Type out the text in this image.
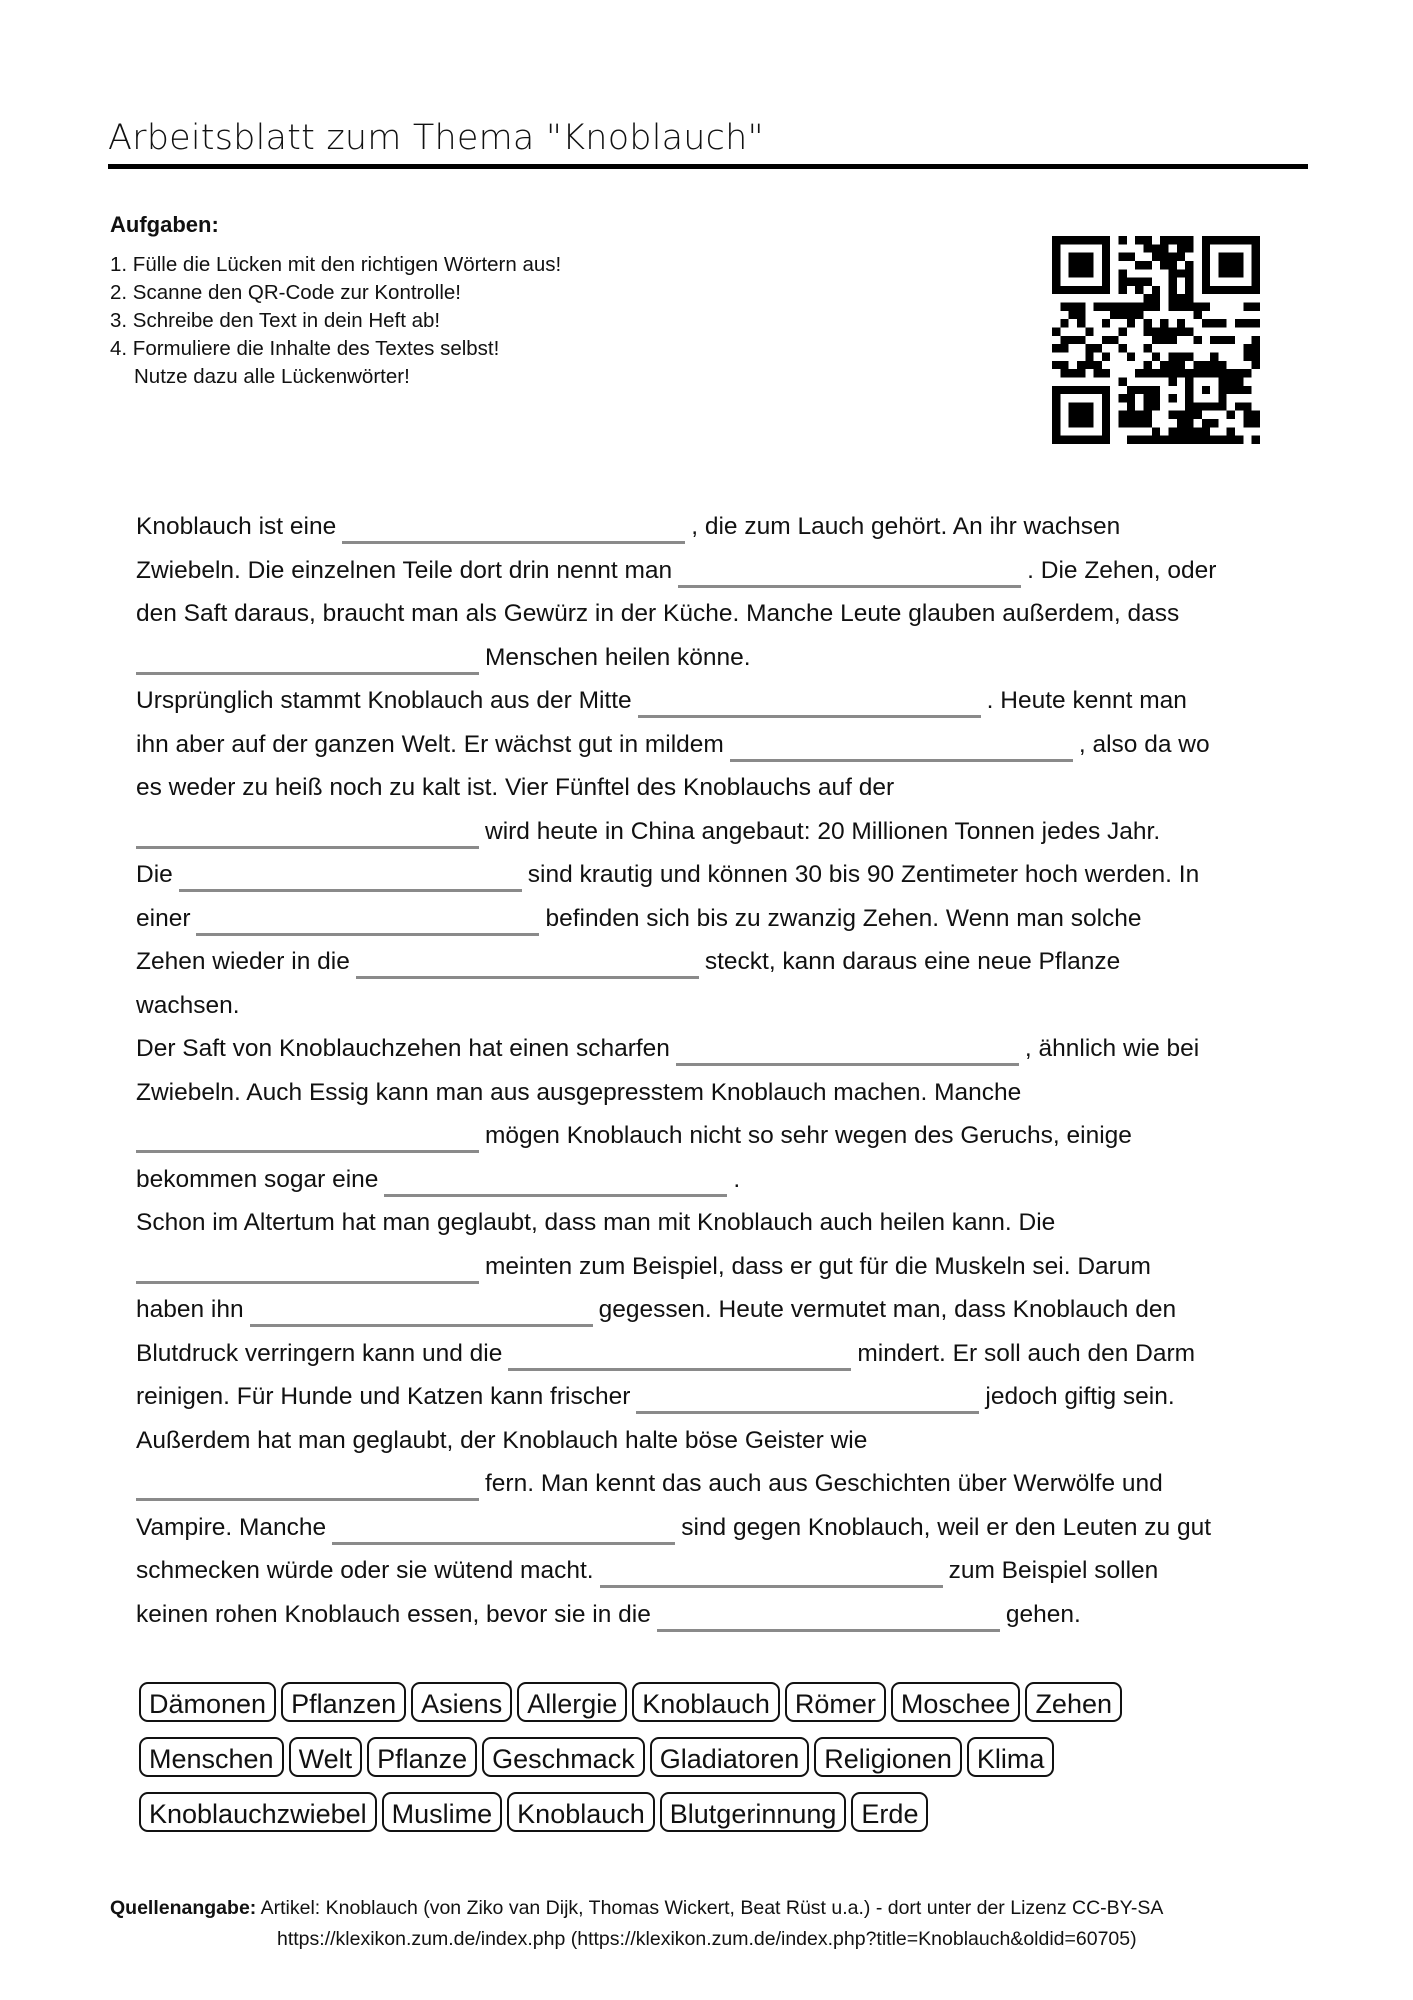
Arbeitsblatt zum Thema "Knoblauch"
Aufgaben:
1. Fülle die Lücken mit den richtigen Wörtern aus!
2. Scanne den QR-Code zur Kontrolle!
3. Schreibe den Text in dein Heft ab!
4. Formuliere die Inhalte des Textes selbst!
Nutze dazu alle Lückenwörter!
Knoblauch ist eine	, die zum Lauch gehört. An ihr wachsen
Zwiebeln. Die einzelnen Teile dort drin nennt man	. Die Zehen, oder
den Saft daraus, braucht man als Gewürz in der Küche. Manche Leute glauben außerdem, dass
Menschen heilen könne.
Ursprünglich stammt Knoblauch aus der Mitte	. Heute kennt man
ihn aber auf der ganzen Welt. Er wächst gut in mildem	, also da wo
es weder zu heiß noch zu kalt ist. Vier Fünftel des Knoblauchs auf der
wird heute in China angebaut: 20 Millionen Tonnen jedes Jahr.
Die	sind krautig und können 30 bis 90 Zentimeter hoch werden. In
einer	befinden sich bis zu zwanzig Zehen. Wenn man solche
Zehen wieder in die	steckt, kann daraus eine neue Pflanze
wachsen.
Der Saft von Knoblauchzehen hat einen scharfen	, ähnlich wie bei
Zwiebeln. Auch Essig kann man aus ausgepresstem Knoblauch machen. Manche
mögen Knoblauch nicht so sehr wegen des Geruchs, einige
bekommen sogar eine	.
Schon im Altertum hat man geglaubt, dass man mit Knoblauch auch heilen kann. Die
meinten zum Beispiel, dass er gut für die Muskeln sei. Darum
haben ihn	gegessen. Heute vermutet man, dass Knoblauch den
Blutdruck verringern kann und die	mindert. Er soll auch den Darm
reinigen. Für Hunde und Katzen kann frischer	jedoch giftig sein.
Außerdem hat man geglaubt, der Knoblauch halte böse Geister wie
fern. Man kennt das auch aus Geschichten über Werwölfe und
Vampire. Manche	sind gegen Knoblauch, weil er den Leuten zu gut
schmecken würde oder sie wütend macht.	zum Beispiel sollen
keinen rohen Knoblauch essen, bevor sie in die	gehen.
Dämonen Pflanzen Asiens Allergie Knoblauch Römer Moschee Zehen
Menschen Welt Pflanze Geschmack Gladiatoren Religionen Klima
Knoblauchzwiebel Muslime Knoblauch Blutgerinnung Erde
Quellenangabe: Artikel: Knoblauch (von Ziko van Dijk, Thomas Wickert, Beat Rüst u.a.) - dort unter der Lizenz CC-BY-SA
https://klexikon.zum.de/index.php (https://klexikon.zum.de/index.php?title=Knoblauch&oldid=60705)
